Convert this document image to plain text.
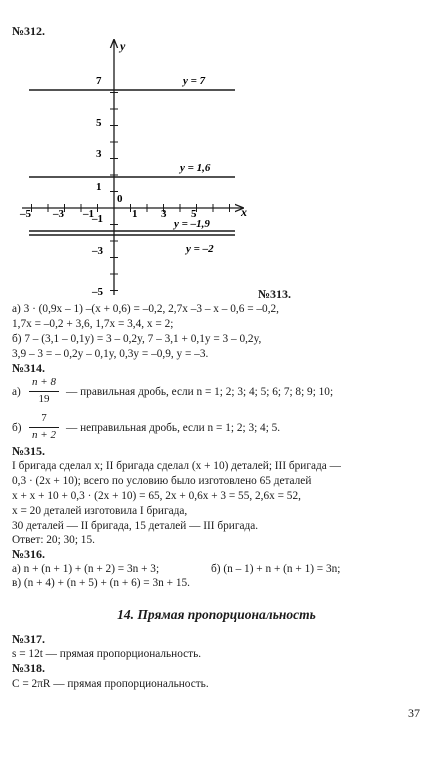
№312.
x
y
0
–5 –3 –1	1 3 5
7
5
3
1
–1
–3
–5
y = 7
y = 1,6
y = –1,9
y = –2
№313.
а) 3 · (0,9x – 1) –(x + 0,6) = –0,2, 2,7x –3 – x – 0,6 = –0,2,
1,7x = –0,2 + 3,6, 1,7x = 3,4, x = 2;
б) 7 – (3,1 – 0,1y) = 3 – 0,2y, 7 – 3,1 + 0,1y = 3 – 0,2y,
3,9 – 3 = – 0,2y – 0,1y, 0,3y = –0,9, y = –3.
№314.
а)
n + 8
19
— правильная дробь, если n = 1; 2; 3; 4; 5; 6; 7; 8; 9; 10;
б)
7
n + 2
— неправильная дробь, если n = 1; 2; 3; 4; 5.
№315.
I бригада сделал x; II бригада сделал (x + 10) деталей; III бригада —
0,3 · (2x + 10); всего по условию было изготовлено 65 деталей
x + x + 10 + 0,3 · (2x + 10) = 65, 2x + 0,6x + 3 = 55, 2,6x = 52,
x = 20 деталей изготовила I бригада,
30 деталей — II бригада, 15 деталей — III бригада.
Ответ: 20; 30; 15.
№316.
а) n + (n + 1) + (n + 2) = 3n + 3;	б) (n – 1) + n + (n + 1) = 3n;
в) (n + 4) + (n + 5) + (n + 6) = 3n + 15.
14. Прямая пропорциональность
№317.
s = 12t — прямая пропорциональность.
№318.
C = 2πR — прямая пропорциональность.
37
